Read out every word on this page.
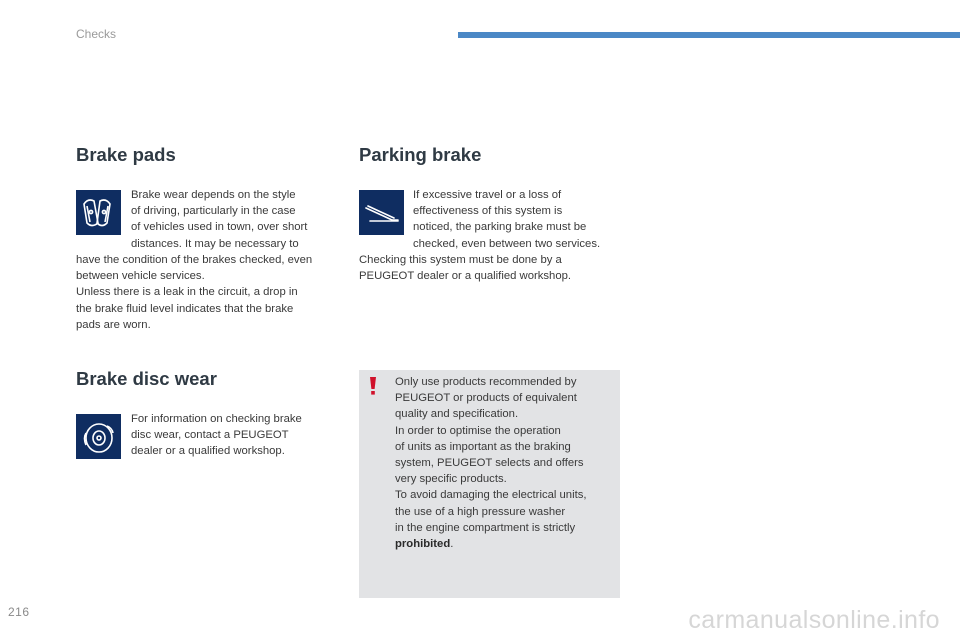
Checks
Brake pads

Brake wear depends on the style
of driving, particularly in the case
of vehicles used in town, over short
distances. It may be necessary to

have the condition of the brakes checked, even
between vehicle services.
Unless there is a leak in the circuit, a drop in
the brake fluid level indicates that the brake
pads are worn.

Parking brake

If excessive travel or a loss of
effectiveness of this system is
noticed, the parking brake must be
checked, even between two services.

Checking this system must be done by a
PEUGEOT dealer or a qualified workshop.

Brake disc wear

For information on checking brake
disc wear, contact a PEUGEOT
dealer or a qualified workshop.

Only use products recommended by
PEUGEOT or products of equivalent
quality and specification.
In order to optimise the operation
of units as important as the braking
system, PEUGEOT selects and offers
very specific products.
To avoid damaging the electrical units,
the use of a high pressure washer
in the engine compartment is strictly
prohibited.

216	carmanualsonline.info
